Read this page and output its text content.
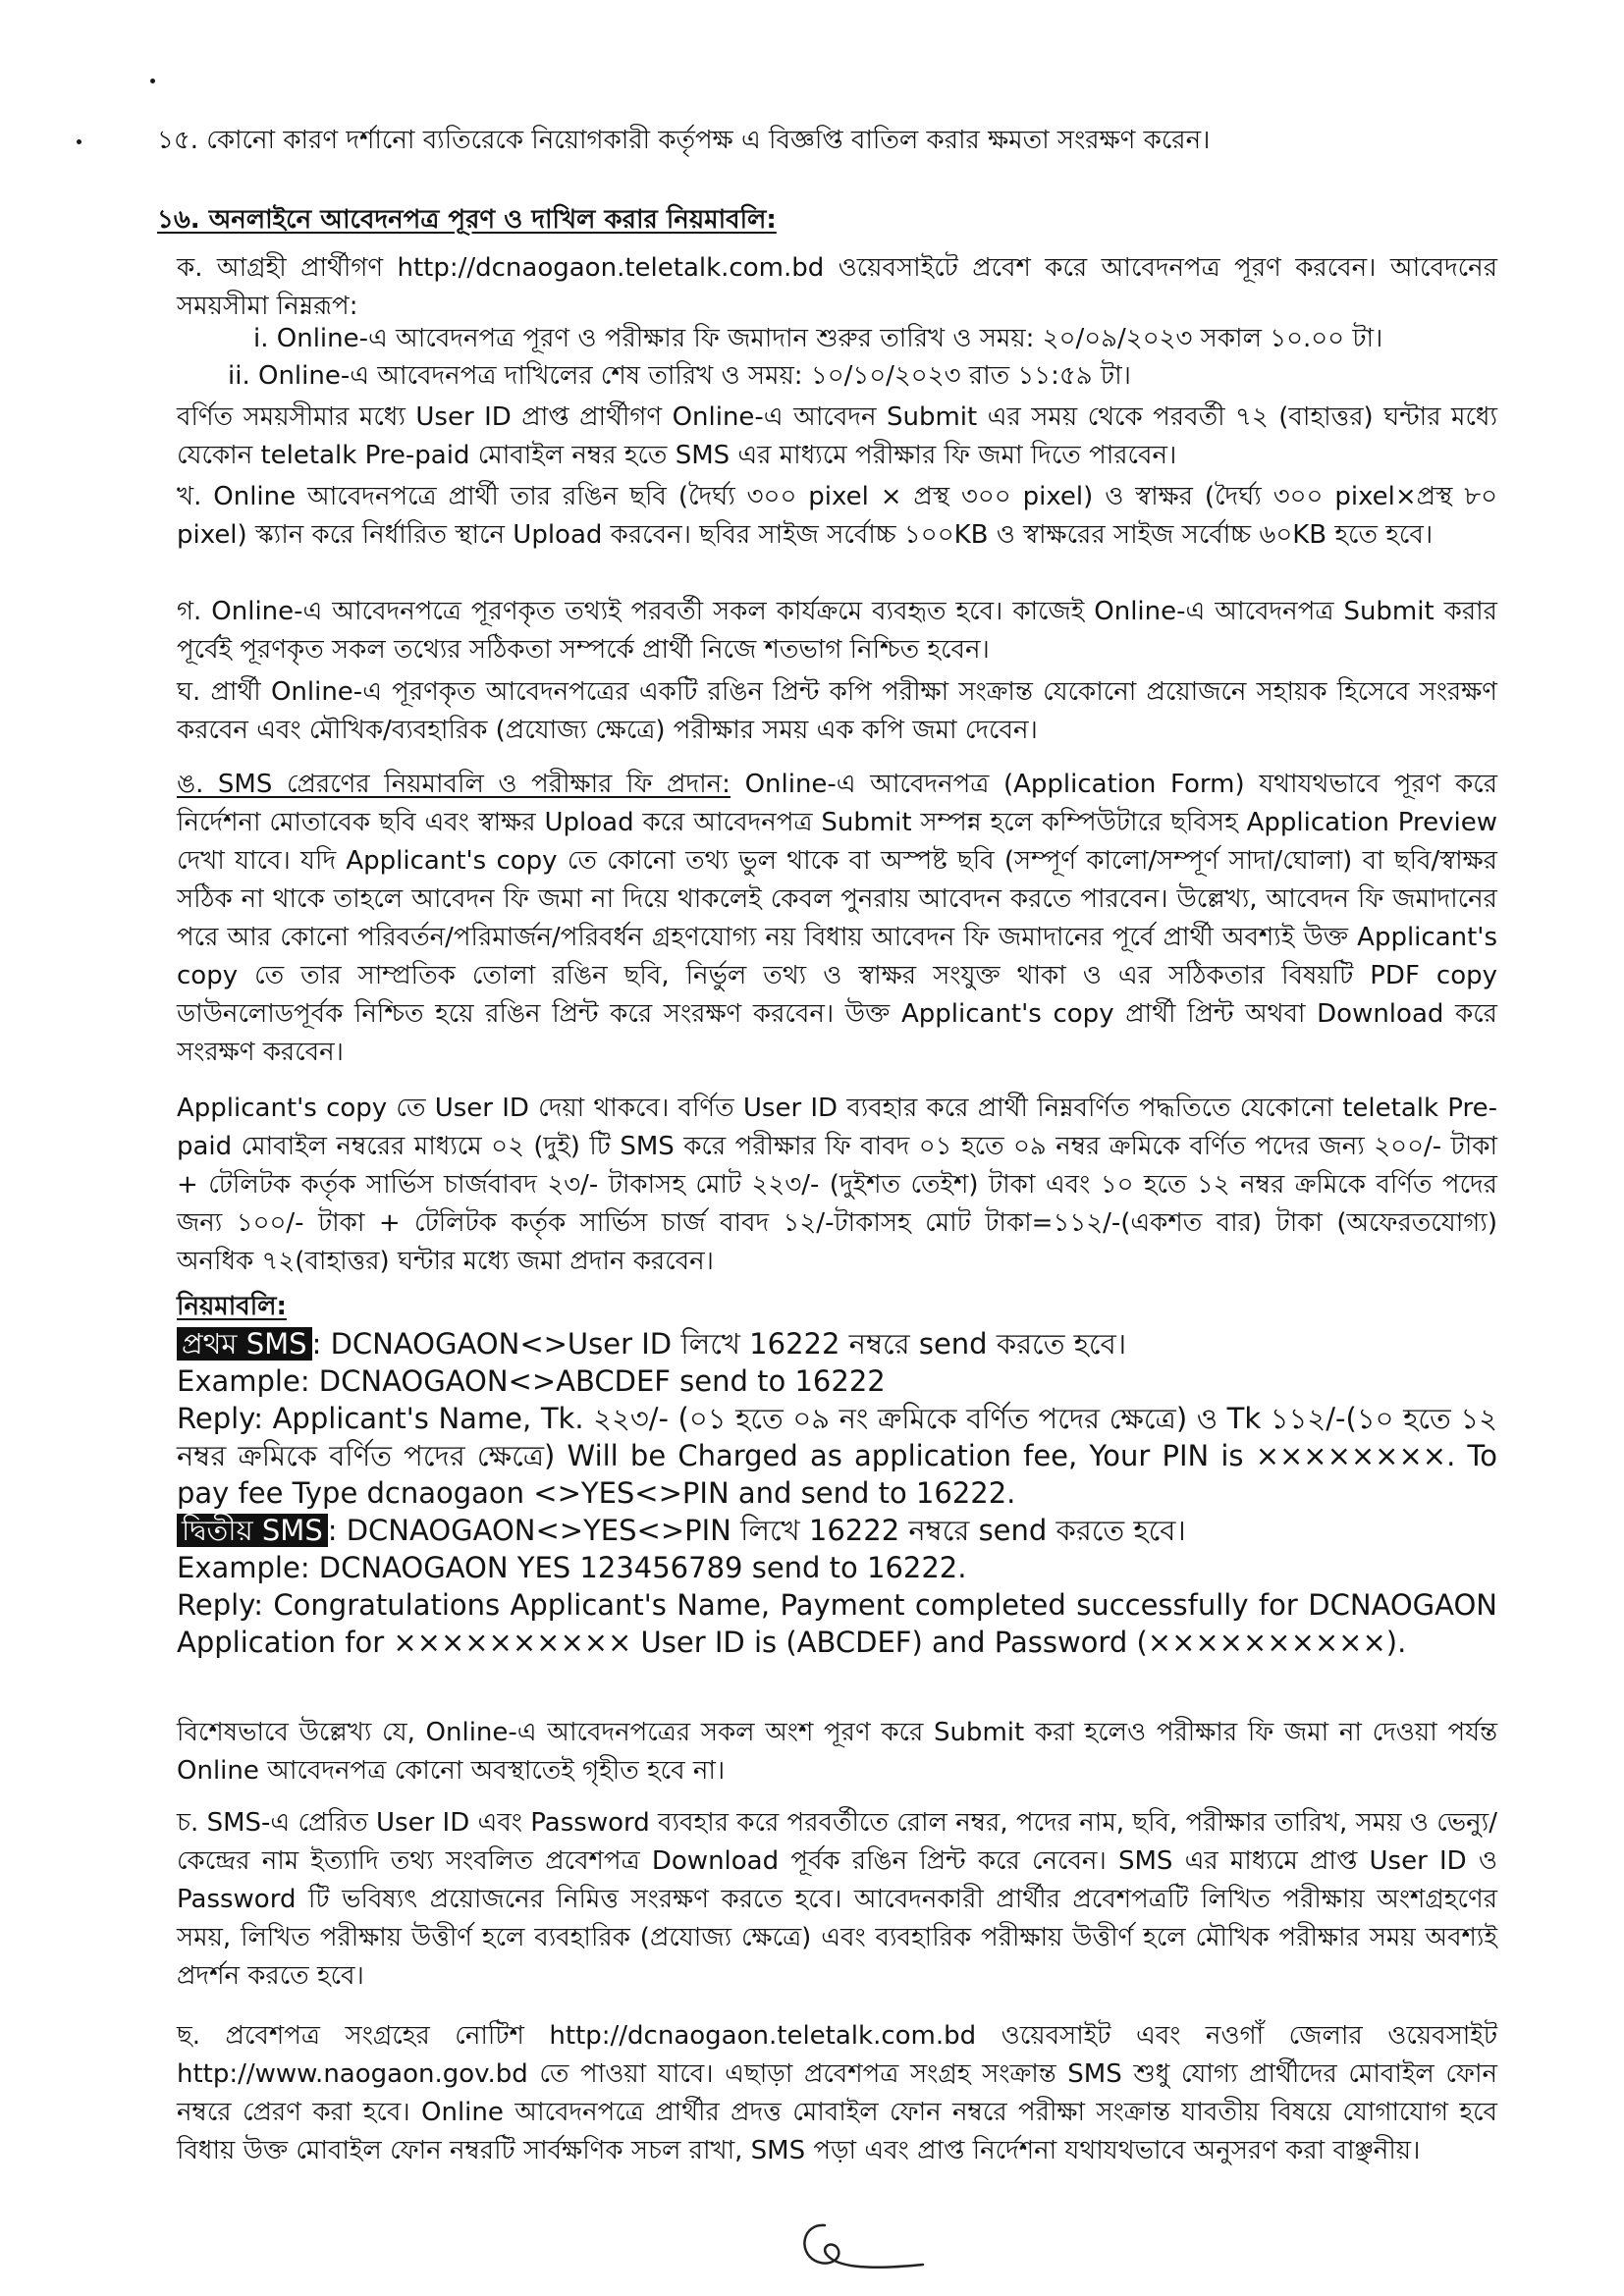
১৫. কোনো কারণ দর্শানো ব্যতিরেকে নিয়োগকারী কর্তৃপক্ষ এ বিজ্ঞপ্তি বাতিল করার ক্ষমতা সংরক্ষণ করেন।

১৬. অনলাইনে আবেদনপত্র পূরণ ও দাখিল করার নিয়মাবলি:

ক. আগ্রহী প্রার্থীগণ http://dcnaogaon.teletalk.com.bd ওয়েবসাইটে প্রবেশ করে আবেদনপত্র পূরণ করবেন। আবেদনের সময়সীমা নিম্নরূপ:

i. Online-এ আবেদনপত্র পূরণ ও পরীক্ষার ফি জমাদান শুরুর তারিখ ও সময়: ২০/০৯/২০২৩ সকাল ১০.০০ টা।

ii. Online-এ আবেদনপত্র দাখিলের শেষ তারিখ ও সময়: ১০/১০/২০২৩ রাত ১১:৫৯ টা।

বর্ণিত সময়সীমার মধ্যে User ID প্রাপ্ত প্রার্থীগণ Online-এ আবেদন Submit এর সময় থেকে পরবর্তী ৭২ (বাহাত্তর) ঘন্টার মধ্যে যেকোন teletalk Pre-paid মোবাইল নম্বর হতে SMS এর মাধ্যমে পরীক্ষার ফি জমা দিতে পারবেন।

খ. Online আবেদনপত্রে প্রার্থী তার রঙিন ছবি (দৈর্ঘ্য ৩০০ pixel × প্রস্থ ৩০০ pixel) ও স্বাক্ষর (দৈর্ঘ্য ৩০০ pixel×প্রস্থ ৮০ pixel) স্ক্যান করে নির্ধারিত স্থানে Upload করবেন। ছবির সাইজ সর্বোচ্চ ১০০KB ও স্বাক্ষরের সাইজ সর্বোচ্চ ৬০KB হতে হবে।

গ. Online-এ আবেদনপত্রে পূরণকৃত তথ্যই পরবর্তী সকল কার্যক্রমে ব্যবহৃত হবে। কাজেই Online-এ আবেদনপত্র Submit করার পূর্বেই পূরণকৃত সকল তথ্যের সঠিকতা সম্পর্কে প্রার্থী নিজে শতভাগ নিশ্চিত হবেন।

ঘ. প্রার্থী Online-এ পূরণকৃত আবেদনপত্রের একটি রঙিন প্রিন্ট কপি পরীক্ষা সংক্রান্ত যেকোনো প্রয়োজনে সহায়ক হিসেবে সংরক্ষণ করবেন এবং মৌখিক/ব্যবহারিক (প্রযোজ্য ক্ষেত্রে) পরীক্ষার সময় এক কপি জমা দেবেন।

ঙ. SMS প্রেরণের নিয়মাবলি ও পরীক্ষার ফি প্রদান: Online-এ আবেদনপত্র (Application Form) যথাযথভাবে পূরণ করে নির্দেশনা মোতাবেক ছবি এবং স্বাক্ষর Upload করে আবেদনপত্র Submit সম্পন্ন হলে কম্পিউটারে ছবিসহ Application Preview দেখা যাবে। যদি Applicant's copy তে কোনো তথ্য ভুল থাকে বা অস্পষ্ট ছবি (সম্পূর্ণ কালো/সম্পূর্ণ সাদা/ঘোলা) বা ছবি/স্বাক্ষর সঠিক না থাকে তাহলে আবেদন ফি জমা না দিয়ে থাকলেই কেবল পুনরায় আবেদন করতে পারবেন। উল্লেখ্য, আবেদন ফি জমাদানের পরে আর কোনো পরিবর্তন/পরিমার্জন/পরিবর্ধন গ্রহণযোগ্য নয় বিধায় আবেদন ফি জমাদানের পূর্বে প্রার্থী অবশ্যই উক্ত Applicant's copy তে তার সাম্প্রতিক তোলা রঙিন ছবি, নির্ভুল তথ্য ও স্বাক্ষর সংযুক্ত থাকা ও এর সঠিকতার বিষয়টি PDF copy ডাউনলোডপূর্বক নিশ্চিত হয়ে রঙিন প্রিন্ট করে সংরক্ষণ করবেন। উক্ত Applicant's copy প্রার্থী প্রিন্ট অথবা Download করে সংরক্ষণ করবেন।

Applicant's copy তে User ID দেয়া থাকবে। বর্ণিত User ID ব্যবহার করে প্রার্থী নিম্নবর্ণিত পদ্ধতিতে যেকোনো teletalk Pre-paid মোবাইল নম্বরের মাধ্যমে ০২ (দুই) টি SMS করে পরীক্ষার ফি বাবদ ০১ হতে ০৯ নম্বর ক্রমিকে বর্ণিত পদের জন্য ২০০/- টাকা + টেলিটক কর্তৃক সার্ভিস চার্জবাবদ ২৩/- টাকাসহ মোট ২২৩/- (দুইশত তেইশ) টাকা এবং ১০ হতে ১২ নম্বর ক্রমিকে বর্ণিত পদের জন্য ১০০/- টাকা + টেলিটক কর্তৃক সার্ভিস চার্জ বাবদ ১২/-টাকাসহ মোট টাকা=১১২/-(একশত বার) টাকা (অফেরতযোগ্য) অনধিক ৭২(বাহাত্তর) ঘন্টার মধ্যে জমা প্রদান করবেন।

নিয়মাবলি:

প্রথম SMS : DCNAOGAON<>User ID লিখে 16222 নম্বরে send করতে হবে।

Example: DCNAOGAON<>ABCDEF send to 16222

Reply: Applicant's Name, Tk. ২২৩/- (০১ হতে ০৯ নং ক্রমিকে বর্ণিত পদের ক্ষেত্রে) ও Tk ১১২/-(১০ হতে ১২ নম্বর ক্রমিকে বর্ণিত পদের ক্ষেত্রে) Will be Charged as application fee, Your PIN is ××××××××. To pay fee Type dcnaogaon <>YES<>PIN and send to 16222.

দ্বিতীয় SMS : DCNAOGAON<>YES<>PIN লিখে 16222 নম্বরে send করতে হবে।

Example: DCNAOGAON YES 123456789 send to 16222.

Reply: Congratulations Applicant's Name, Payment completed successfully for DCNAOGAON Application for ×××××××××× User ID is (ABCDEF) and Password (××××××××××).

বিশেষভাবে উল্লেখ্য যে, Online-এ আবেদনপত্রের সকল অংশ পূরণ করে Submit করা হলেও পরীক্ষার ফি জমা না দেওয়া পর্যন্ত Online আবেদনপত্র কোনো অবস্থাতেই গৃহীত হবে না।

চ. SMS-এ প্রেরিত User ID এবং Password ব্যবহার করে পরবর্তীতে রোল নম্বর, পদের নাম, ছবি, পরীক্ষার তারিখ, সময় ও ভেন্যু/কেন্দ্রের নাম ইত্যাদি তথ্য সংবলিত প্রবেশপত্র Download পূর্বক রঙিন প্রিন্ট করে নেবেন। SMS এর মাধ্যমে প্রাপ্ত User ID ও Password টি ভবিষ্যৎ প্রয়োজনের নিমিত্ত সংরক্ষণ করতে হবে। আবেদনকারী প্রার্থীর প্রবেশপত্রটি লিখিত পরীক্ষায় অংশগ্রহণের সময়, লিখিত পরীক্ষায় উত্তীর্ণ হলে ব্যবহারিক (প্রযোজ্য ক্ষেত্রে) এবং ব্যবহারিক পরীক্ষায় উত্তীর্ণ হলে মৌখিক পরীক্ষার সময় অবশ্যই প্রদর্শন করতে হবে।

ছ. প্রবেশপত্র সংগ্রহের নোটিশ http://dcnaogaon.teletalk.com.bd ওয়েবসাইট এবং নওগাঁ জেলার ওয়েবসাইট http://www.naogaon.gov.bd তে পাওয়া যাবে। এছাড়া প্রবেশপত্র সংগ্রহ সংক্রান্ত SMS শুধু যোগ্য প্রার্থীদের মোবাইল ফোন নম্বরে প্রেরণ করা হবে। Online আবেদনপত্রে প্রার্থীর প্রদত্ত মোবাইল ফোন নম্বরে পরীক্ষা সংক্রান্ত যাবতীয় বিষয়ে যোগাযোগ হবে বিধায় উক্ত মোবাইল ফোন নম্বরটি সার্বক্ষণিক সচল রাখা, SMS পড়া এবং প্রাপ্ত নির্দেশনা যথাযথভাবে অনুসরণ করা বাঞ্ছনীয়।
